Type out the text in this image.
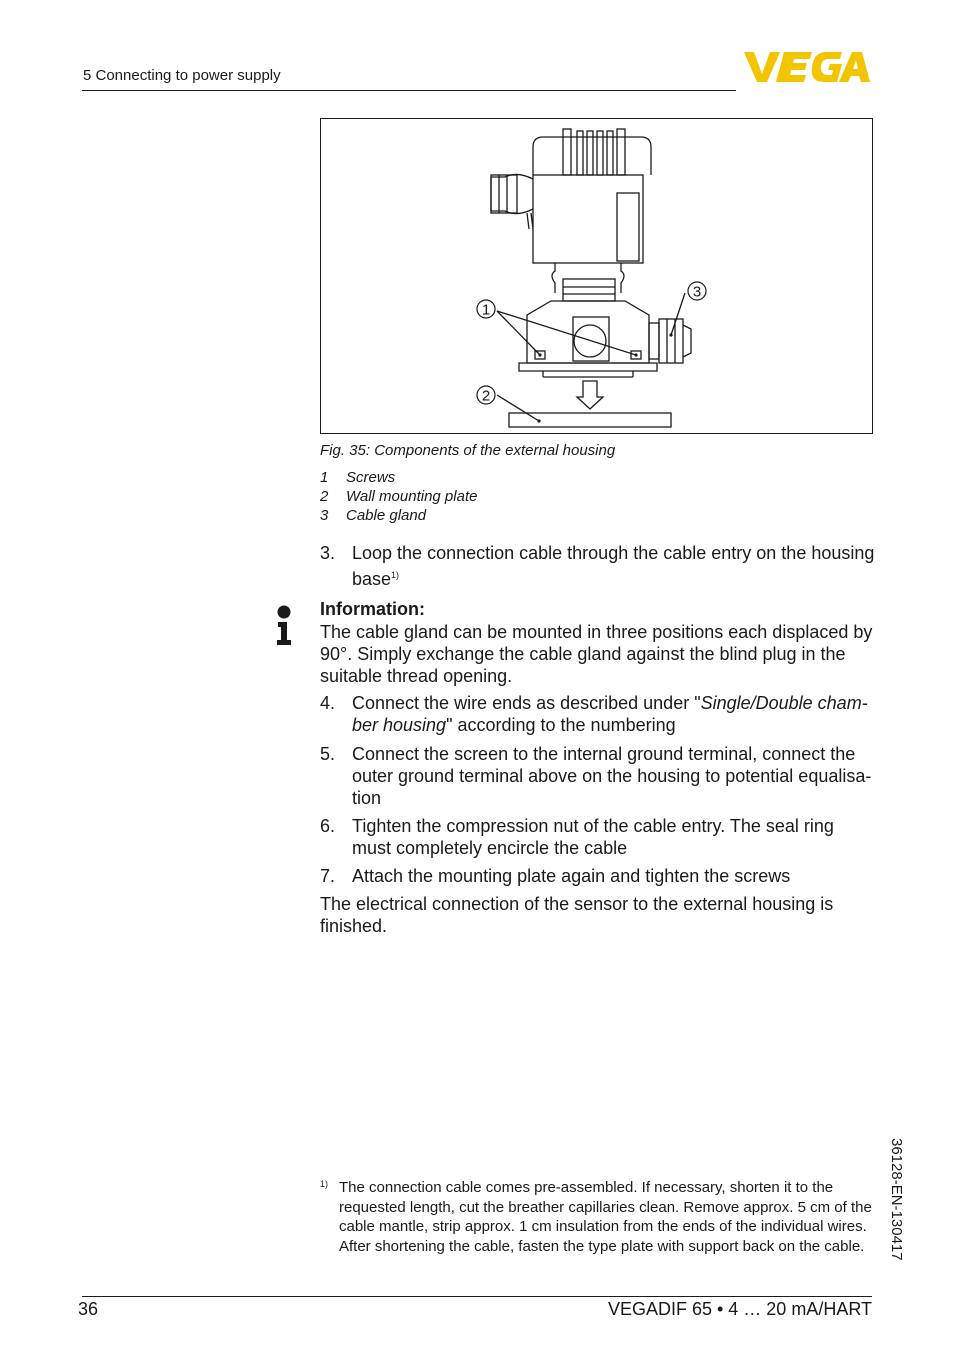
5 Connecting to power supply
1
2
3
Fig. 35: Components of the external housing
1	Screws
2	Wall mounting plate
3	Cable gland
3. Loop the connection cable through the cable entry on the housing base$^{1)}$
Information:
The cable gland can be mounted in three positions each displaced by 90°. Simply exchange the cable gland against the blind plug in the suitable thread opening.
4. Connect the wire ends as described under "Single/Double cham-ber housing" according to the numbering
5. Connect the screen to the internal ground terminal, connect the outer ground terminal above on the housing to potential equalisa-tion
6. Tighten the compression nut of the cable entry. The seal ring must completely encircle the cable
7. Attach the mounting plate again and tighten the screws
The electrical connection of the sensor to the external housing is finished.
1) The connection cable comes pre-assembled. If necessary, shorten it to the requested length, cut the breather capillaries clean. Remove approx. 5 cm of the cable mantle, strip approx. 1 cm insulation from the ends of the individual wires. After shortening the cable, fasten the type plate with support back on the cable.	36128-EN-130417
36	VEGADIF 65 • 4 … 20 mA/HART
